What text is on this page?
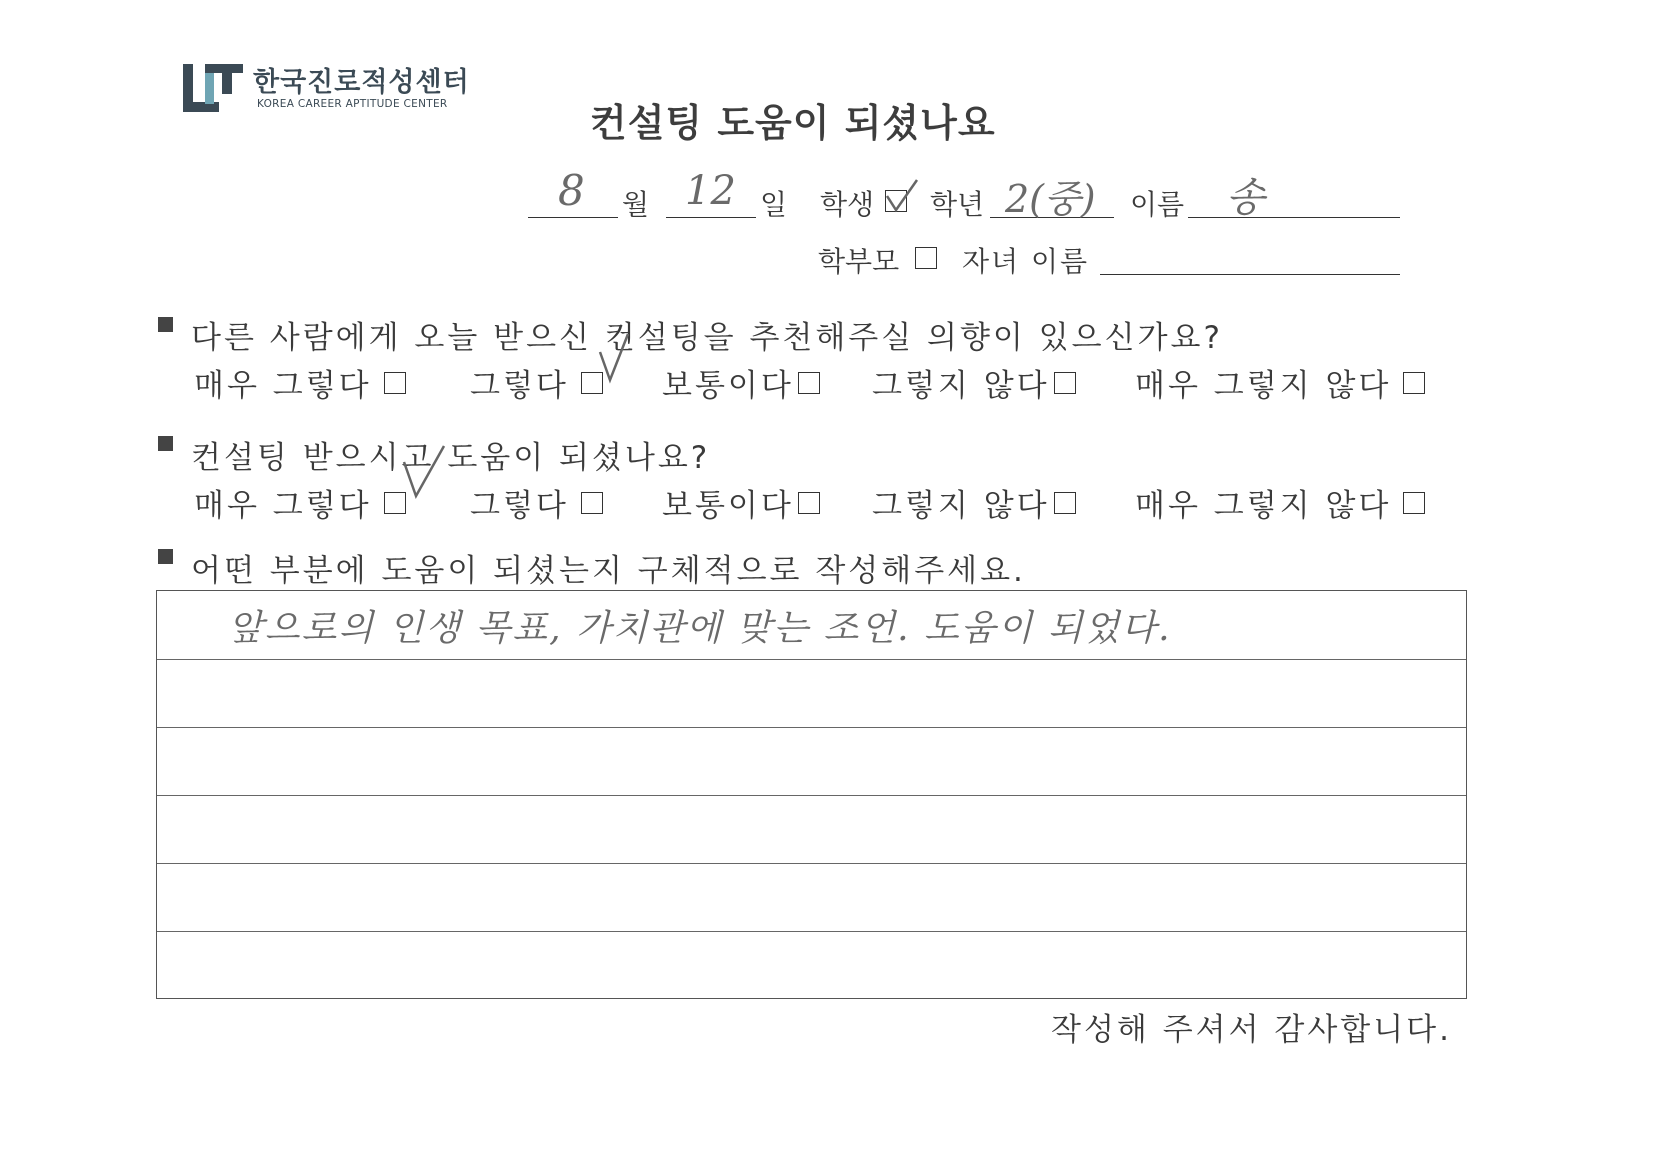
한국진로적성센터
KOREA CAREER APTITUDE CENTER	컨설팅 도움이 되셨나요
8 월 12 일 학생 학년 2(중) 이름 송
학부모 자녀 이름
다른 사람에게 오늘 받으신 컨설팅을 추천해주실 의향이 있으신가요?
매우 그렇다	그렇다	보통이다	그렇지 않다	매우 그렇지 않다
컨설팅 받으시고 도움이 되셨나요?
매우 그렇다	그렇다	보통이다	그렇지 않다	매우 그렇지 않다
어떤 부분에 도움이 되셨는지 구체적으로 작성해주세요.
앞으로의 인생 목표, 가치관에 맞는 조언. 도움이 되었다.
작성해 주셔서 감사합니다.
